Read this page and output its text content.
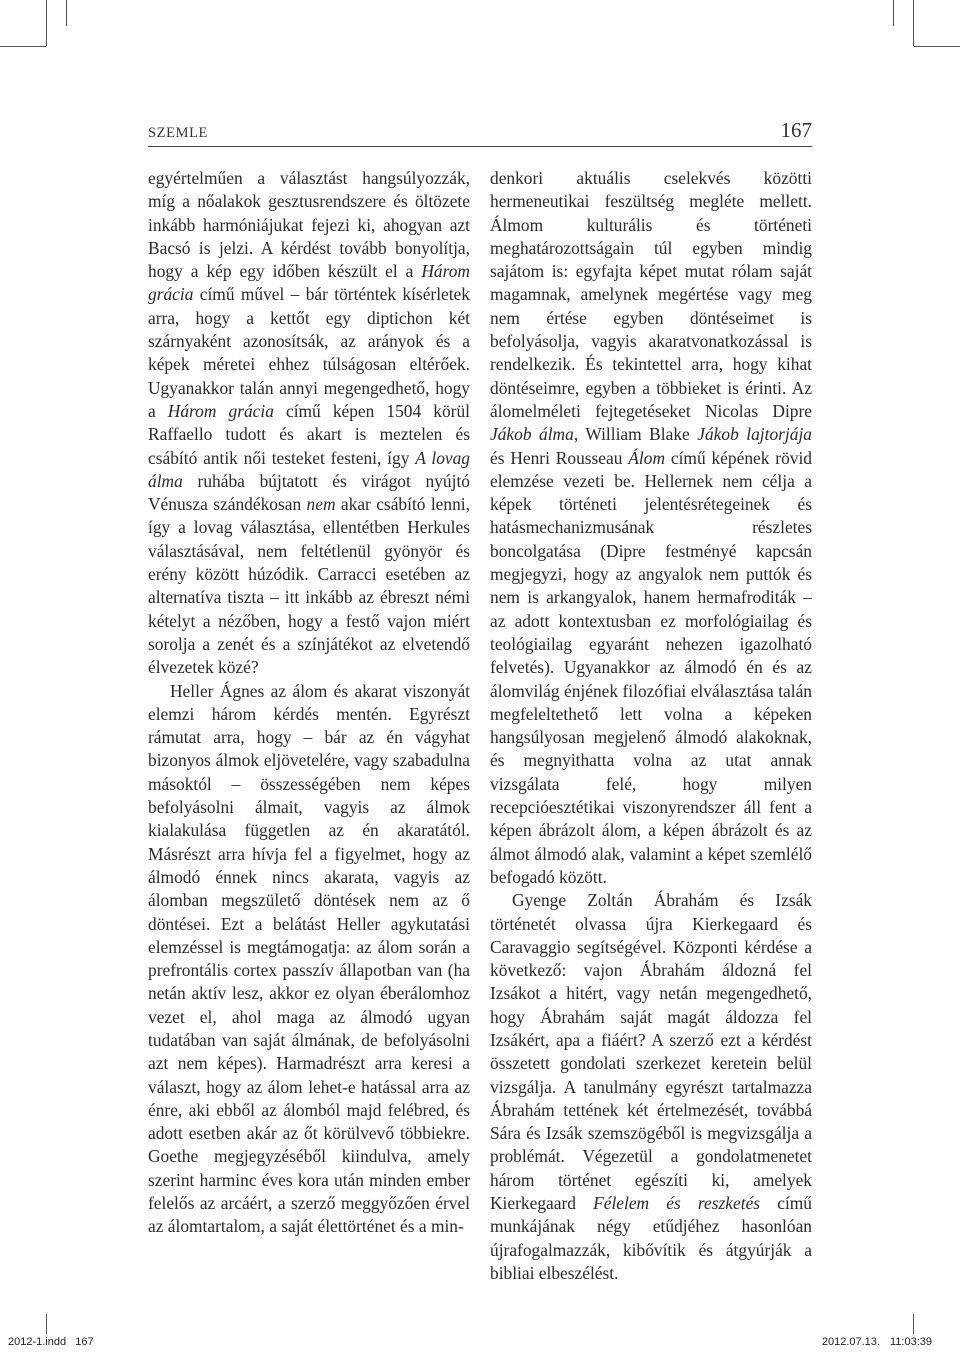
SZEMLE	167

egyértelműen a választást hangsúlyozzák, míg a nőalakok gesztusrendszere és öltözete inkább harmóniájukat fejezi ki, ahogyan azt Bacsó is jelzi. A kérdést tovább bonyolítja, hogy a kép egy időben készült el a Három grácia című művel – bár történtek kísérletek arra, hogy a kettőt egy diptichon két szárnyaként azonosítsák, az arányok és a képek méretei ehhez túlságosan eltérőek. Ugyanakkor talán annyi megengedhető, hogy a Három grácia című képen 1504 körül Raffaello tudott és akart is meztelen és csábító antik női testeket festeni, így A lovag álma ruhába bújtatott és virágot nyújtó Vénusza szándékosan nem akar csábító lenni, így a lovag választása, ellentétben Herkules választásával, nem feltétlenül gyönyör és erény között húzódik. Carracci esetében az alternatíva tiszta – itt inkább az ébreszt némi kételyt a nézőben, hogy a festő vajon miért sorolja a zenét és a színjátékot az elvetendő élvezetek közé?

Heller Ágnes az álom és akarat viszonyát elemzi három kérdés mentén. Egyrészt rámutat arra, hogy – bár az én vágyhat bizonyos álmok eljövetelére, vagy szabadulna másoktól – összességében nem képes befolyásolni álmait, vagyis az álmok kialakulása független az én akaratától. Másrészt arra hívja fel a figyelmet, hogy az álmodó énnek nincs akarata, vagyis az álomban megszülető döntések nem az ő döntései. Ezt a belátást Heller agykutatási elemzéssel is megtámogatja: az álom során a prefrontális cortex passzív állapotban van (ha netán aktív lesz, akkor ez olyan éberálomhoz vezet el, ahol maga az álmodó ugyan tudatában van saját álmának, de befolyásolni azt nem képes). Harmadrészt arra keresi a választ, hogy az álom lehet-e hatással arra az énre, aki ebből az álomból majd felébred, és adott esetben akár az őt körülvevő többiekre. Goethe megjegyzéséből kiindulva, amely szerint harminc éves kora után minden ember felelős az arcáért, a szerző meggyőzően érvel az álomtartalom, a saját élettörténet és a min-

denkori aktuális cselekvés közötti hermeneutikai feszültség megléte mellett. Álmom kulturális és történeti meghatározottságain túl egyben mindig sajátom is: egyfajta képet mutat rólam saját magamnak, amelynek megértése vagy meg nem értése egyben döntéseimet is befolyásolja, vagyis akaratvonatkozással is rendelkezik. És tekintettel arra, hogy kihat döntéseimre, egyben a többieket is érinti. Az álomelméleti fejtegetéseket Nicolas Dipre Jákob álma, William Blake Jákob lajtorjája és Henri Rousseau Álom című képének rövid elemzése vezeti be. Hellernek nem célja a képek történeti jelentésrétegeinek és hatásmechanizmusának részletes boncolgatása (Dipre festményé kapcsán megjegyzi, hogy az angyalok nem puttók és nem is arkangyalok, hanem hermafroditák – az adott kontextusban ez morfológiailag és teológiailag egyaránt nehezen igazolható felvetés). Ugyanakkor az álmodó én és az álomvilág énjének filozófiai elválasztása talán megfeleltethető lett volna a képeken hangsúlyosan megjelenő álmodó alakoknak, és megnyithatta volna az utat annak vizsgálata felé, hogy milyen recepcióesztétikai viszonyrendszer áll fent a képen ábrázolt álom, a képen ábrázolt és az álmot álmodó alak, valamint a képet szemlélő befogadó között.

Gyenge Zoltán Ábrahám és Izsák történetét olvassa újra Kierkegaard és Caravaggio segítségével. Központi kérdése a következő: vajon Ábrahám áldozná fel Izsákot a hitért, vagy netán megengedhető, hogy Ábrahám saját magát áldozza fel Izsákért, apa a fiáért? A szerző ezt a kérdést összetett gondolati szerkezet keretein belül vizsgálja. A tanulmány egyrészt tartalmazza Ábrahám tettének két értelmezését, továbbá Sára és Izsák szemszögéből is megvizsgálja a problémát. Végezetül a gondolatmenetet három történet egészíti ki, amelyek Kierkegaard Félelem és reszketés című munkájának négy etűdjéhez hasonlóan újrafogalmazzák, kibővítik és átgyúrják a bibliai elbeszélést.

2012-1.indd   167	2012.07.13. 11:03:39
